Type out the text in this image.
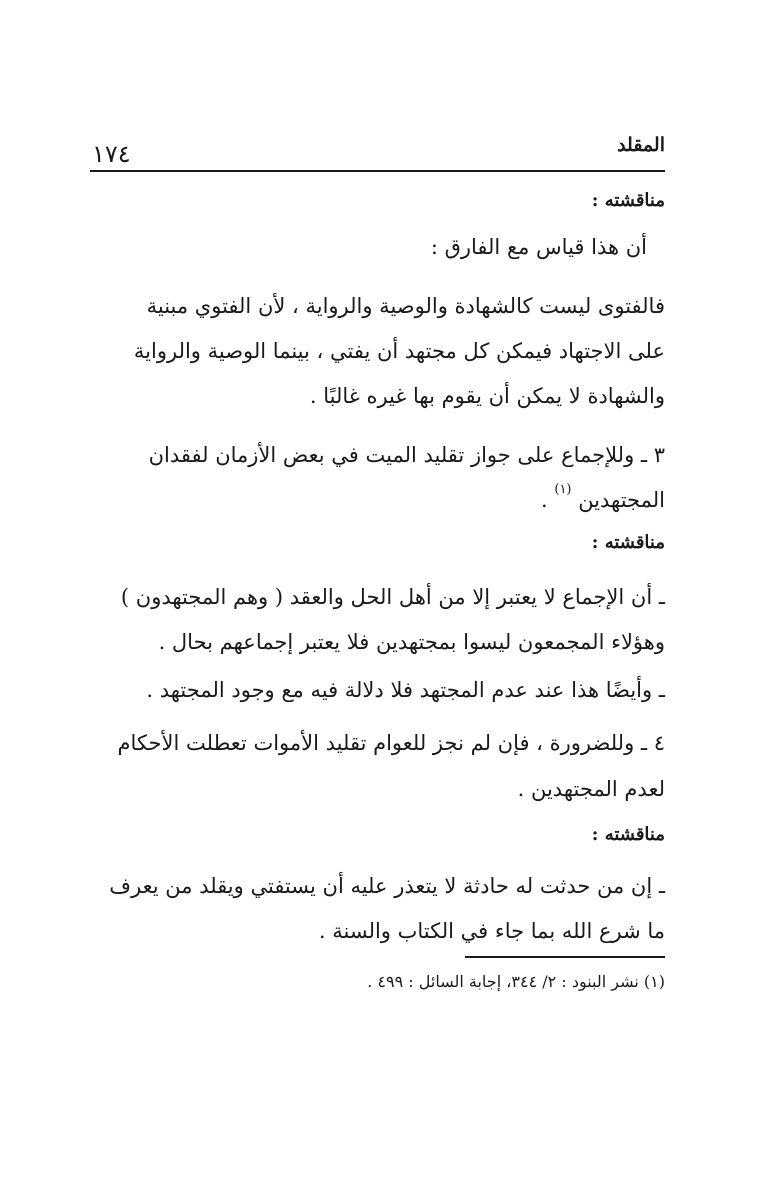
المقلد
١٧٤
مناقشته :
أن هذا قياس مع الفارق :
فالفتوى ليست كالشهادة والوصية والرواية ، لأن الفتوي مبنية
على الاجتهاد فيمكن كل مجتهد أن يفتي ، بينما الوصية والرواية
والشهادة لا يمكن أن يقوم بها غيره غالبًا .
٣ ـ وللإجماع على جواز تقليد الميت في بعض الأزمان لفقدان
المجتهدين $^{(١)}$ .
مناقشته :
ـ أن الإجماع لا يعتبر إلا من أهل الحل والعقد ( وهم المجتهدون )
وهؤلاء المجمعون ليسوا بمجتهدين فلا يعتبر إجماعهم بحال .
ـ وأيضًا هذا عند عدم المجتهد فلا دلالة فيه مع وجود المجتهد .
٤ ـ وللضرورة ، فإن لم نجز للعوام تقليد الأموات تعطلت الأحكام
لعدم المجتهدين .
مناقشته :
ـ إن من حدثت له حادثة لا يتعذر عليه أن يستفتي ويقلد من يعرف
ما شرع الله بما جاء في الكتاب والسنة .
(١) نشر البنود : ٢/ ٣٤٤، إجابة السائل : ٤٩٩ .
